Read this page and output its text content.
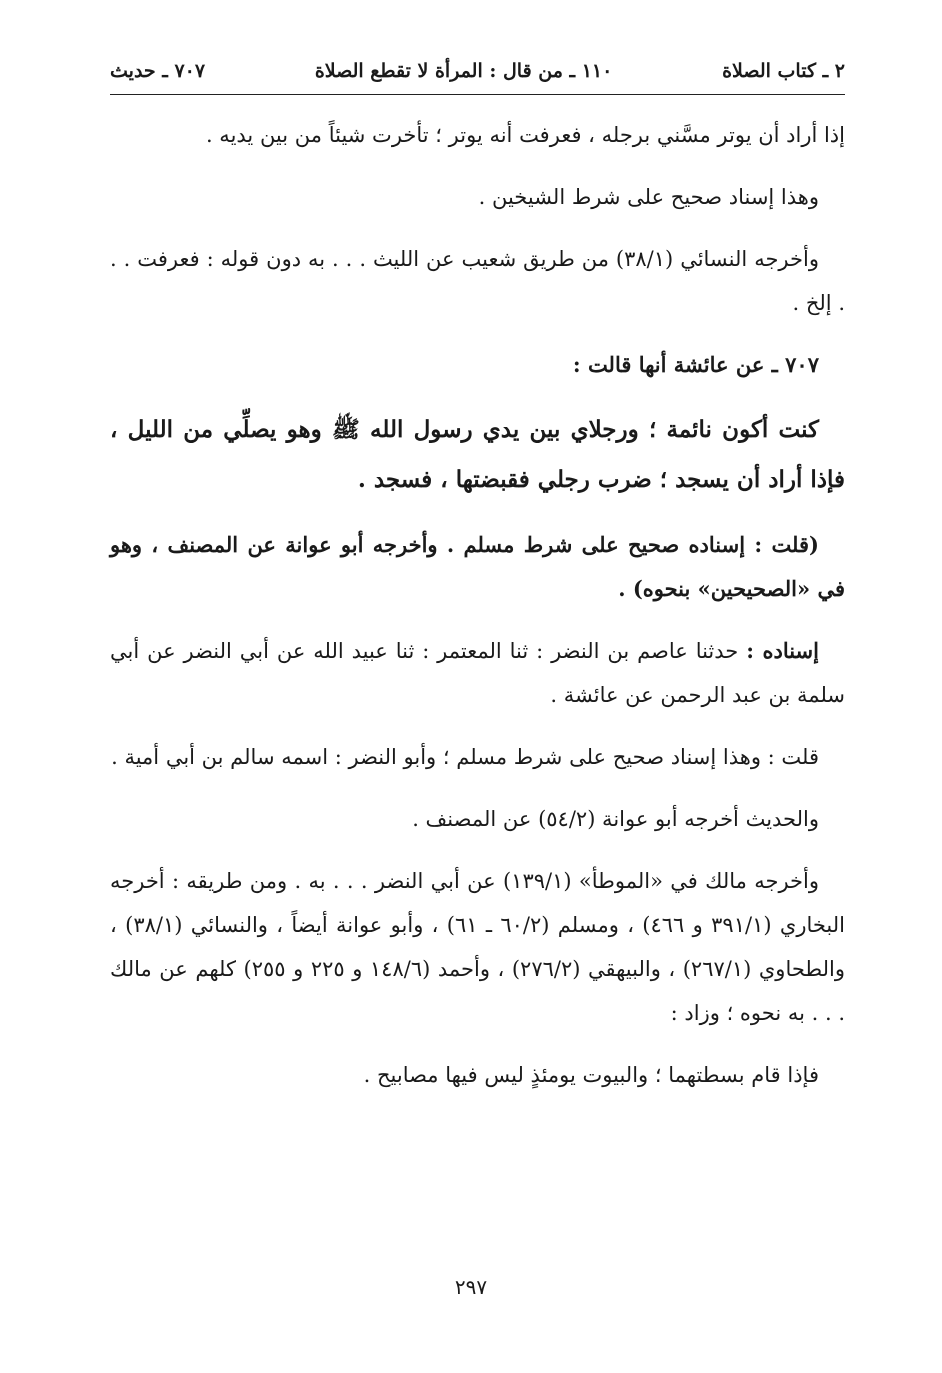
٢ ـ كتاب الصلاة
١١٠ ـ من قال : المرأة لا تقطع الصلاة
٧٠٧ ـ حديث

إذا أراد أن يوتر مسَّني برجله ، فعرفت أنه يوتر ؛ تأخرت شيئاً من بين يديه .

وهذا إسناد صحيح على شرط الشيخين .

وأخرجه النسائي (٣٨/١) من طريق شعيب عن الليث . . . به دون قوله : فعرفت . . . إلخ .

٧٠٧ ـ عن عائشة أنها قالت :

كنت أكون نائمة ؛ ورجلاي بين يدي رسول الله ﷺ وهو يصلِّي من الليل ، فإذا أراد أن يسجد ؛ ضرب رجلي فقبضتها ، فسجد .

(قلت : إسناده صحيح على شرط مسلم . وأخرجه أبو عوانة عن المصنف ، وهو في «الصحيحين» بنحوه) .

إسناده : حدثنا عاصم بن النضر : ثنا المعتمر : ثنا عبيد الله عن أبي النضر عن أبي سلمة بن عبد الرحمن عن عائشة .

قلت : وهذا إسناد صحيح على شرط مسلم ؛ وأبو النضر : اسمه سالم بن أبي أمية .

والحديث أخرجه أبو عوانة (٥٤/٢) عن المصنف .

وأخرجه مالك في «الموطأ» (١٣٩/١) عن أبي النضر . . . به . ومن طريقه : أخرجه البخاري (٣٩١/١ و ٤٦٦) ، ومسلم (٦٠/٢ ـ ٦١) ، وأبو عوانة أيضاً ، والنسائي (٣٨/١) ، والطحاوي (٢٦٧/١) ، والبيهقي (٢٧٦/٢) ، وأحمد (١٤٨/٦ و ٢٢٥ و ٢٥٥) كلهم عن مالك . . . به نحوه ؛ وزاد :

فإذا قام بسطتهما ؛ والبيوت يومئذٍ ليس فيها مصابيح .

٢٩٧
